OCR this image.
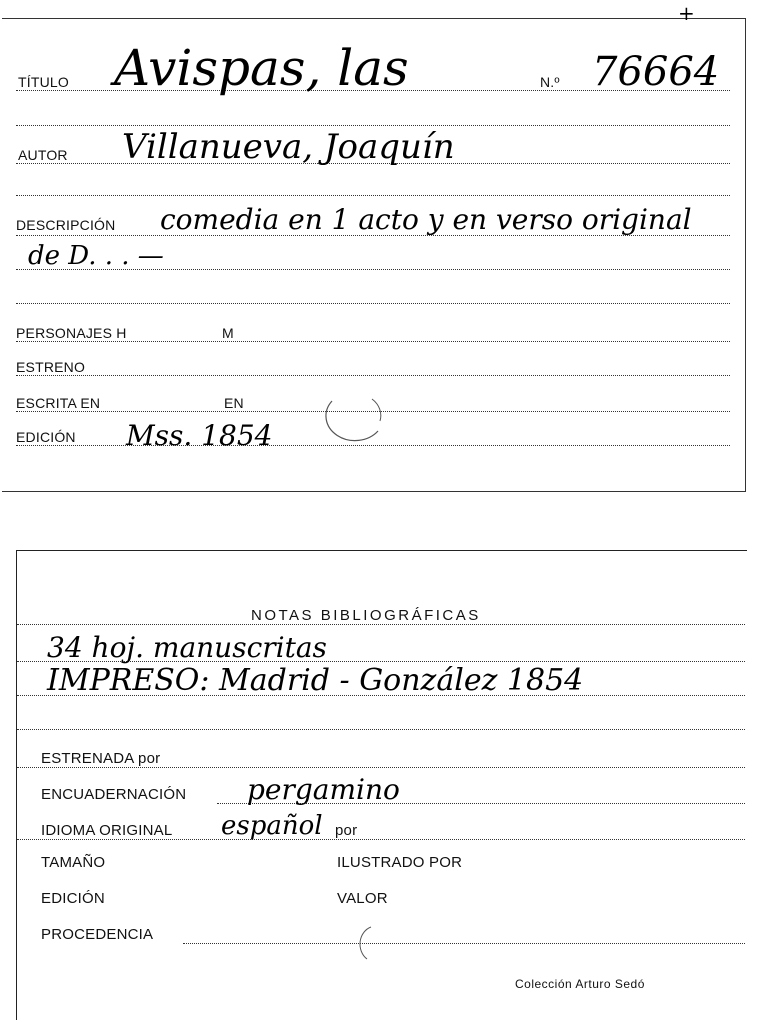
TÍTULO Avispas, las	N.º 76664
+
AUTOR Villanueva, Joaquín
DESCRIPCIÓN comedia en 1 acto y en verso original
de D. . . —
PERSONAJES H	M
ESTRENO
ESCRITA EN	EN
EDICIÓN Mss. 1854
NOTAS BIBLIOGRÁFICAS
34 hoj. manuscritas
IMPRESO: Madrid - González 1854
ESTRENADA por
ENCUADERNACIÓN pergamino
IDIOMA ORIGINAL español por
TAMAÑO	ILUSTRADO POR
EDICIÓN	VALOR
PROCEDENCIA
Colección Arturo Sedó
